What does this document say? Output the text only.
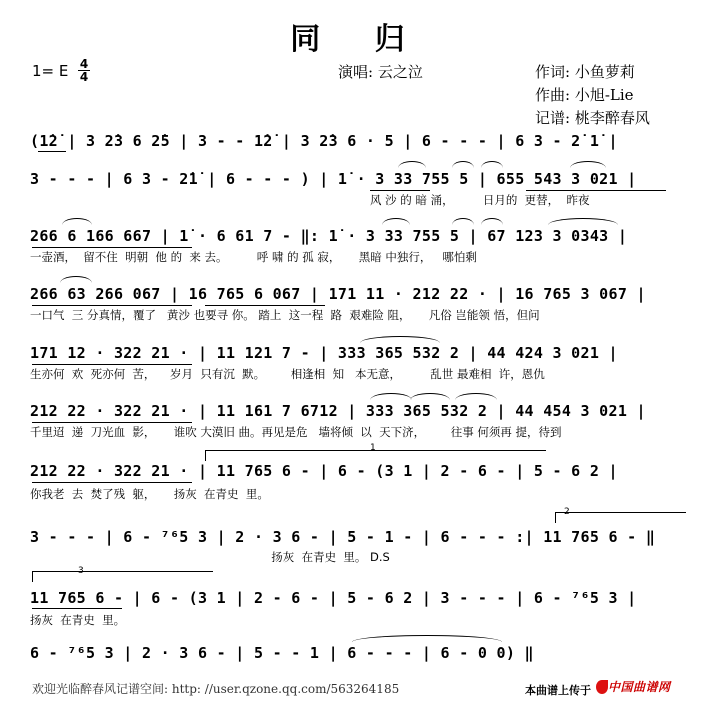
同 归
1= E 4
4	演唱: 云之泣	作词: 小鱼萝莉
作曲: 小旭-Lie
记谱: 桃李醉春风
(1̇2̇ | 3 2̇3 6 2̇5 | 3 - - 1̇2̇ | 3 2̇3 6 · 5 | 6 - - - | 6 3 - 2̇ 1̇ |
3 - - - | 6 3 - 2̇1̇ | 6 - - - ) | 1̇ · 3 33 755 5 | 655 543 3 021 |
风 沙 的 暗 涌，        日月的  更替，  昨夜
266 6 166 667 | 1̇ · 6 61 7 - ‖: 1̇ · 3 33 755 5 | 67 123 3 0343 |
一壶酒，  留不住  明朝  他 的  来 去。        呼 啸 的 孤 寂，     黑暗 中独行，   哪怕剩
266 63 266 067 | 16 765 6 067 | 171 11 · 212 22 · | 16 765 3 067 |
一口气  三 分真情，覆了   黄沙 也要寻 你。 踏上  这一程  路  艰难险 阻，     凡俗 岂能领 悟，但问
171 12 · 322 21 · | 11 121 7 - | 333 365 532 2 | 44 424 3 021 |
生亦何  欢  死亦何  苦，    岁月  只有沉  默。       相逢相  知   本无意，        乱世 最难相  许，恩仇
212 22 · 322 21 · | 11 161 7 6712 | 333 365 532 2 | 44 454 3 021 |
千里迢  递  刀光血  影，     谁吹 大漠旧 曲。再见是危   墙将倾  以  天下济，       往事 何须再 提，待到
1
212 22 · 322 21 · | 11 765 6 - | 6 - (3 1 | 2 - 6 - | 5 - 6 2 |
你我老  去  焚了残  躯，     扬灰  在青史  里。
2
3 - - - | 6 - ⁷⁶5 3 | 2 · 3 6 - | 5 - 1 - | 6 - - - :| 11 765 6 - ‖
扬灰  在青史  里。 D.S
3
11 765 6 - | 6 - (3 1 | 2 - 6 - | 5 - 6 2 | 3 - - - | 6 - ⁷⁶5 3 |
扬灰  在青史  里。
6 - ⁷⁶5 3 | 2 · 3 6 - | 5 - - 1 | 6 - - - | 6 - 0 0) ‖
欢迎光临醉春风记谱空间: http: //user.qzone.qq.com/563264185	本曲谱上传于 中国曲谱网
